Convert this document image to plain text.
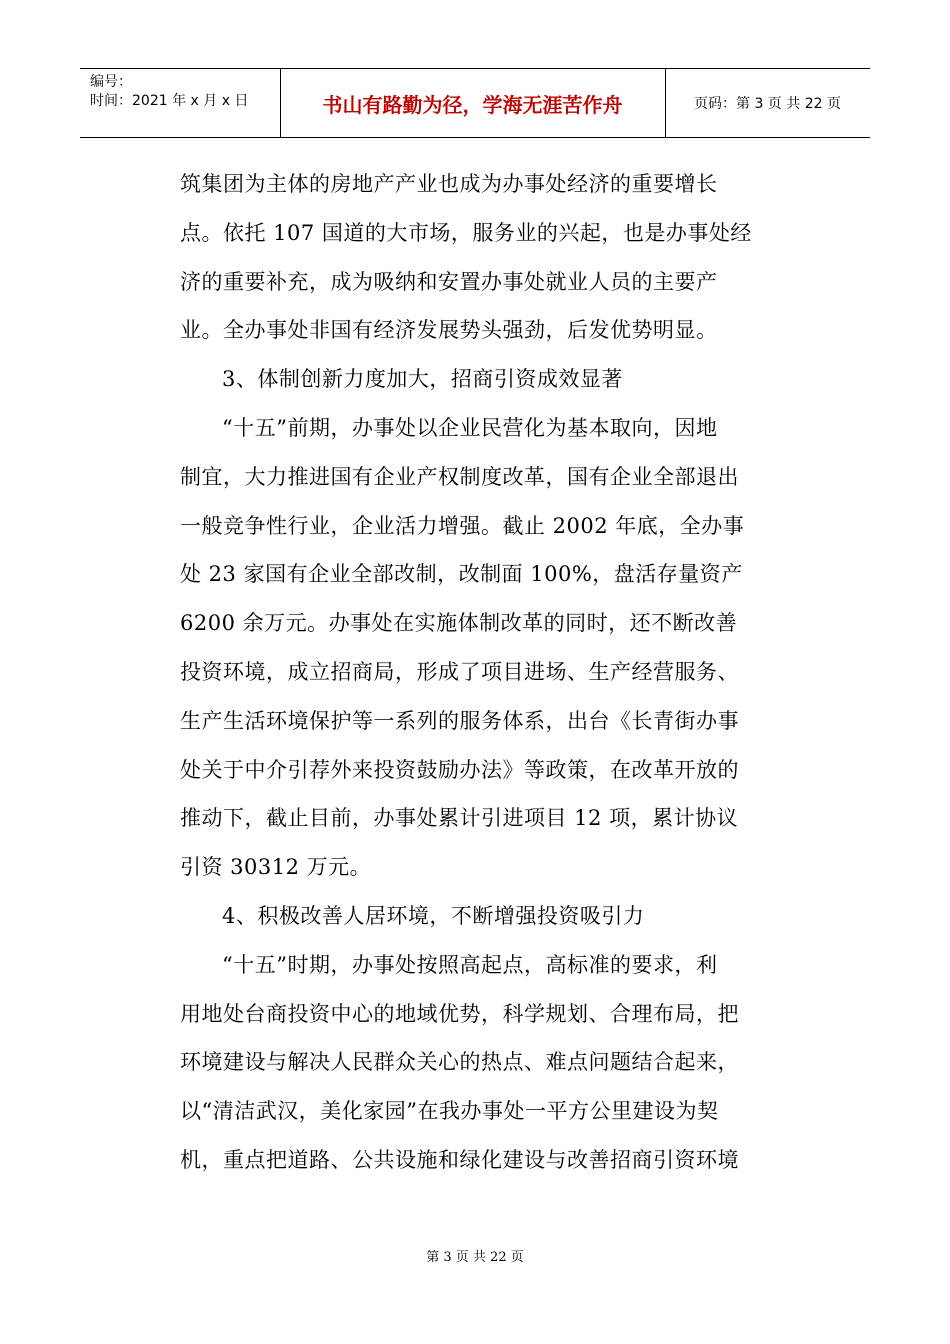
编号：
时间：2021 年 x 月 x 日	书山有路勤为径，学海无涯苦作舟	页码：第 3 页 共 22 页
筑集团为主体的房地产产业也成为办事处经济的重要增长
点。依托 107 国道的大市场，服务业的兴起，也是办事处经
济的重要补充，成为吸纳和安置办事处就业人员的主要产
业。全办事处非国有经济发展势头强劲，后发优势明显。
3、体制创新力度加大，招商引资成效显著
“十五”前期，办事处以企业民营化为基本取向，因地
制宜，大力推进国有企业产权制度改革，国有企业全部退出
一般竞争性行业，企业活力增强。截止 2002 年底，全办事
处 23 家国有企业全部改制，改制面 100%，盘活存量资产
6200 余万元。办事处在实施体制改革的同时，还不断改善
投资环境，成立招商局，形成了项目进场、生产经营服务、
生产生活环境保护等一系列的服务体系，出台《长青街办事
处关于中介引荐外来投资鼓励办法》等政策，在改革开放的
推动下，截止目前，办事处累计引进项目 12 项，累计协议
引资 30312 万元。
4、积极改善人居环境，不断增强投资吸引力
“十五”时期，办事处按照高起点，高标准的要求，利
用地处台商投资中心的地域优势，科学规划、合理布局，把
环境建设与解决人民群众关心的热点、难点问题结合起来，
以“清洁武汉，美化家园”在我办事处一平方公里建设为契
机，重点把道路、公共设施和绿化建设与改善招商引资环境
第 3 页 共 22 页
